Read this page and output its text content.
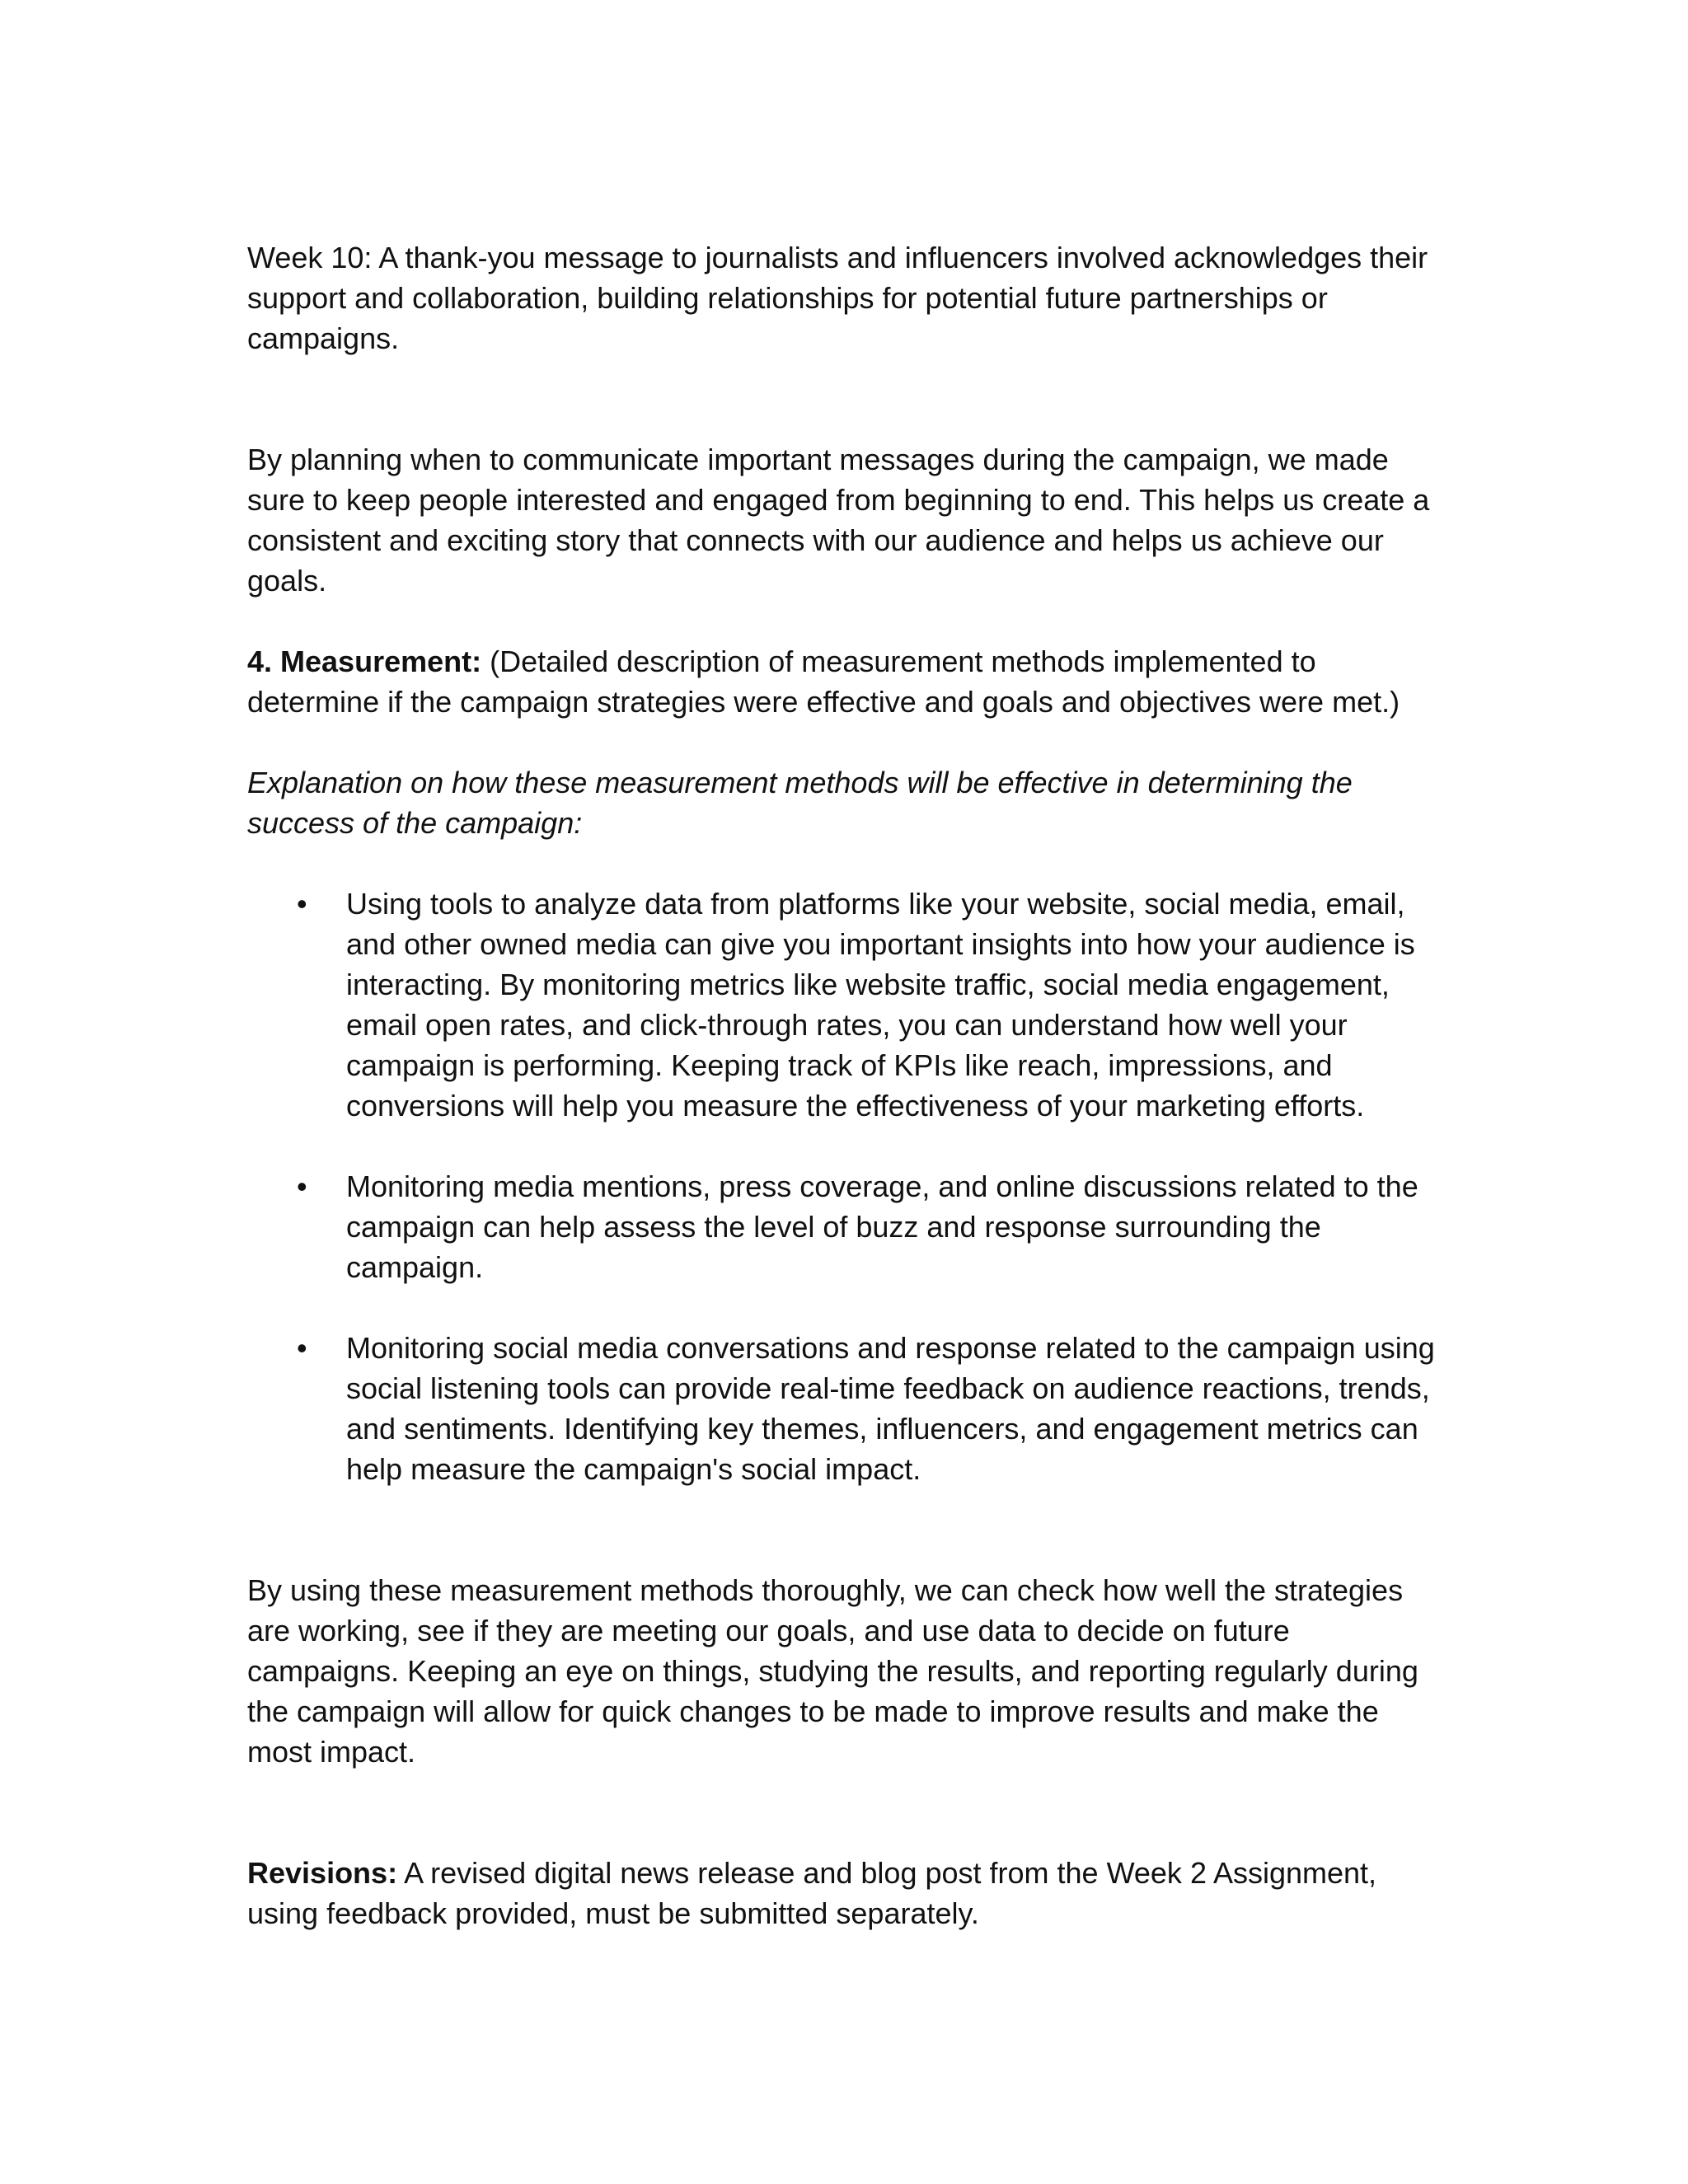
Week 10: A thank-you message to journalists and influencers involved acknowledges their support and collaboration, building relationships for potential future partnerships or campaigns.

By planning when to communicate important messages during the campaign, we made sure to keep people interested and engaged from beginning to end. This helps us create a consistent and exciting story that connects with our audience and helps us achieve our goals.

4. Measurement: (Detailed description of measurement methods implemented to determine if the campaign strategies were effective and goals and objectives were met.)

Explanation on how these measurement methods will be effective in determining the success of the campaign:

• Using tools to analyze data from platforms like your website, social media, email, and other owned media can give you important insights into how your audience is interacting. By monitoring metrics like website traffic, social media engagement, email open rates, and click-through rates, you can understand how well your campaign is performing. Keeping track of KPIs like reach, impressions, and conversions will help you measure the effectiveness of your marketing efforts.
• Monitoring media mentions, press coverage, and online discussions related to the campaign can help assess the level of buzz and response surrounding the campaign.
• Monitoring social media conversations and response related to the campaign using social listening tools can provide real-time feedback on audience reactions, trends, and sentiments. Identifying key themes, influencers, and engagement metrics can help measure the campaign's social impact.

By using these measurement methods thoroughly, we can check how well the strategies are working, see if they are meeting our goals, and use data to decide on future campaigns. Keeping an eye on things, studying the results, and reporting regularly during the campaign will allow for quick changes to be made to improve results and make the most impact.

Revisions: A revised digital news release and blog post from the Week 2 Assignment, using feedback provided, must be submitted separately.
